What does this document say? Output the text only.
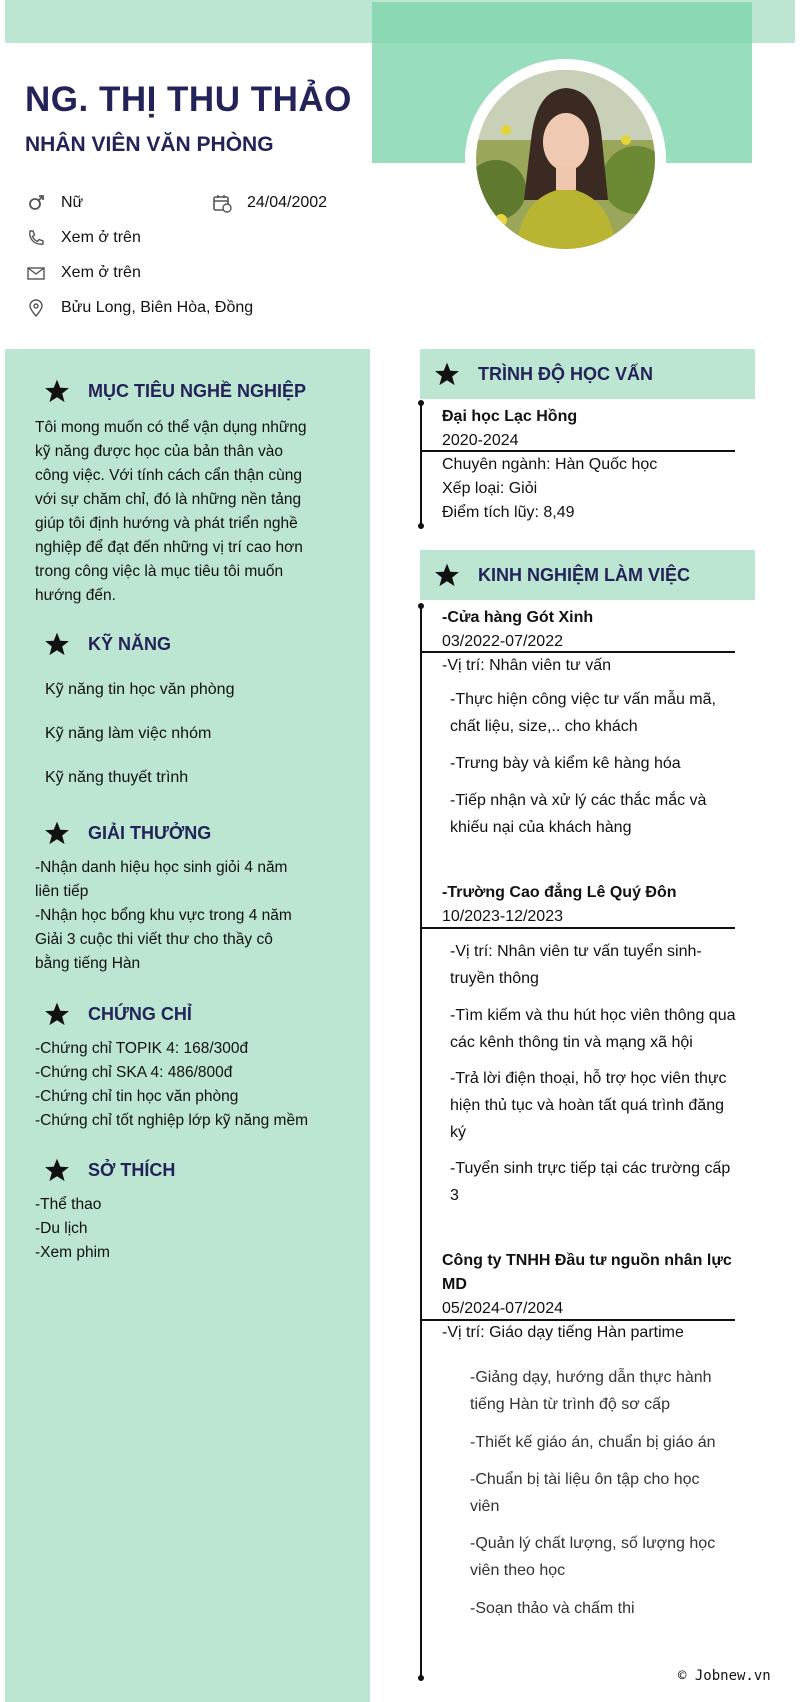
NG. THỊ THU THẢO
NHÂN VIÊN VĂN PHÒNG
Nữ	24/04/2002
Xem ở trên
Xem ở trên
Bửu Long, Biên Hòa, Đồng
MỤC TIÊU NGHỀ NGHIỆP
Tôi mong muốn có thể vận dụng những
kỹ năng được học của bản thân vào
công việc. Với tính cách cẩn thận cùng
với sự chăm chỉ, đó là những nền tảng
giúp tôi định hướng và phát triển nghề
nghiệp để đạt đến những vị trí cao hơn
trong công việc là mục tiêu tôi muốn
hướng đến.
KỸ NĂNG
Kỹ năng tin học văn phòng
Kỹ năng làm việc nhóm
Kỹ năng thuyết trình
GIẢI THƯỞNG
-Nhận danh hiệu học sinh giỏi 4 năm
liên tiếp
-Nhận học bổng khu vực trong 4 năm
Giải 3 cuộc thi viết thư cho thầy cô
bằng tiếng Hàn
CHỨNG CHỈ
-Chứng chỉ TOPIK 4: 168/300đ
-Chứng chỉ SKA 4: 486/800đ
-Chứng chỉ tin học văn phòng
-Chứng chỉ tốt nghiệp lớp kỹ năng mềm
SỞ THÍCH
-Thể thao
-Du lịch
-Xem phim
TRÌNH ĐỘ HỌC VẤN
Đại học Lạc Hồng
2020-2024
Chuyên ngành: Hàn Quốc học
Xếp loại: Giỏi
Điểm tích lũy: 8,49
KINH NGHIỆM LÀM VIỆC
-Cửa hàng Gót Xinh
03/2022-07/2022
-Vị trí: Nhân viên tư vấn
-Thực hiện công việc tư vấn mẫu mã,
chất liệu, size,.. cho khách
-Trưng bày và kiểm kê hàng hóa
-Tiếp nhận và xử lý các thắc mắc và
khiếu nại của khách hàng
-Trường Cao đẳng Lê Quý Đôn
10/2023-12/2023
-Vị trí: Nhân viên tư vấn tuyển sinh-
truyền thông
-Tìm kiếm và thu hút học viên thông qua
các kênh thông tin và mạng xã hội
-Trả lời điện thoại, hỗ trợ học viên thực
hiện thủ tục và hoàn tất quá trình đăng
ký
-Tuyển sinh trực tiếp tại các trường cấp
3
Công ty TNHH Đầu tư nguồn nhân lực
MD
05/2024-07/2024
-Vị trí: Giáo dạy tiếng Hàn partime
-Giảng dạy, hướng dẫn thực hành
tiếng Hàn từ trình độ sơ cấp
-Thiết kế giáo án, chuẩn bị giáo án
-Chuẩn bị tài liệu ôn tập cho học
viên
-Quản lý chất lượng, số lượng học
viên theo học
-Soạn thảo và chấm thi
© Jobnew.vn
